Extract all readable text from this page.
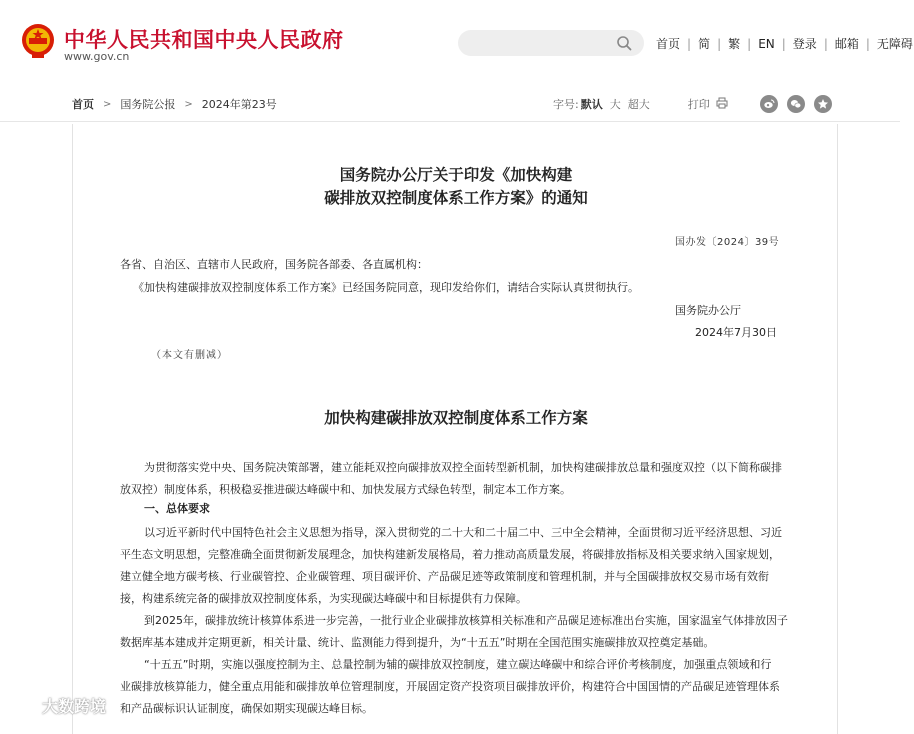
中华人民共和国中央人民政府
www.gov.cn
首页 | 简 | 繁 | EN | 登录 | 邮箱 | 无障碍
首页 > 国务院公报 > 2024年第23号	字号: 默认 大 超大	打印
国务院办公厅关于印发《加快构建
碳排放双控制度体系工作方案》的通知
国办发〔2024〕39号
各省、自治区、直辖市人民政府，国务院各部委、各直属机构：
《加快构建碳排放双控制度体系工作方案》已经国务院同意，现印发给你们，请结合实际认真贯彻执行。
国务院办公厅
2024年7月30日
（本文有删减）
加快构建碳排放双控制度体系工作方案
为贯彻落实党中央、国务院决策部署，建立能耗双控向碳排放双控全面转型新机制，加快构建碳排放总量和强度双控（以下简称碳排
放双控）制度体系，积极稳妥推进碳达峰碳中和、加快发展方式绿色转型，制定本工作方案。
一、总体要求
以习近平新时代中国特色社会主义思想为指导，深入贯彻党的二十大和二十届二中、三中全会精神，全面贯彻习近平经济思想、习近
平生态文明思想，完整准确全面贯彻新发展理念，加快构建新发展格局，着力推动高质量发展，将碳排放指标及相关要求纳入国家规划，
建立健全地方碳考核、行业碳管控、企业碳管理、项目碳评价、产品碳足迹等政策制度和管理机制，并与全国碳排放权交易市场有效衔
接，构建系统完备的碳排放双控制度体系，为实现碳达峰碳中和目标提供有力保障。
到2025年，碳排放统计核算体系进一步完善，一批行业企业碳排放核算相关标准和产品碳足迹标准出台实施，国家温室气体排放因子
数据库基本建成并定期更新，相关计量、统计、监测能力得到提升，为“十五五”时期在全国范围实施碳排放双控奠定基础。
“十五五”时期，实施以强度控制为主、总量控制为辅的碳排放双控制度，建立碳达峰碳中和综合评价考核制度，加强重点领域和行
业碳排放核算能力，健全重点用能和碳排放单位管理制度，开展固定资产投资项目碳排放评价，构建符合中国国情的产品碳足迹管理体系
和产品碳标识认证制度，确保如期实现碳达峰目标。
大数跨境
